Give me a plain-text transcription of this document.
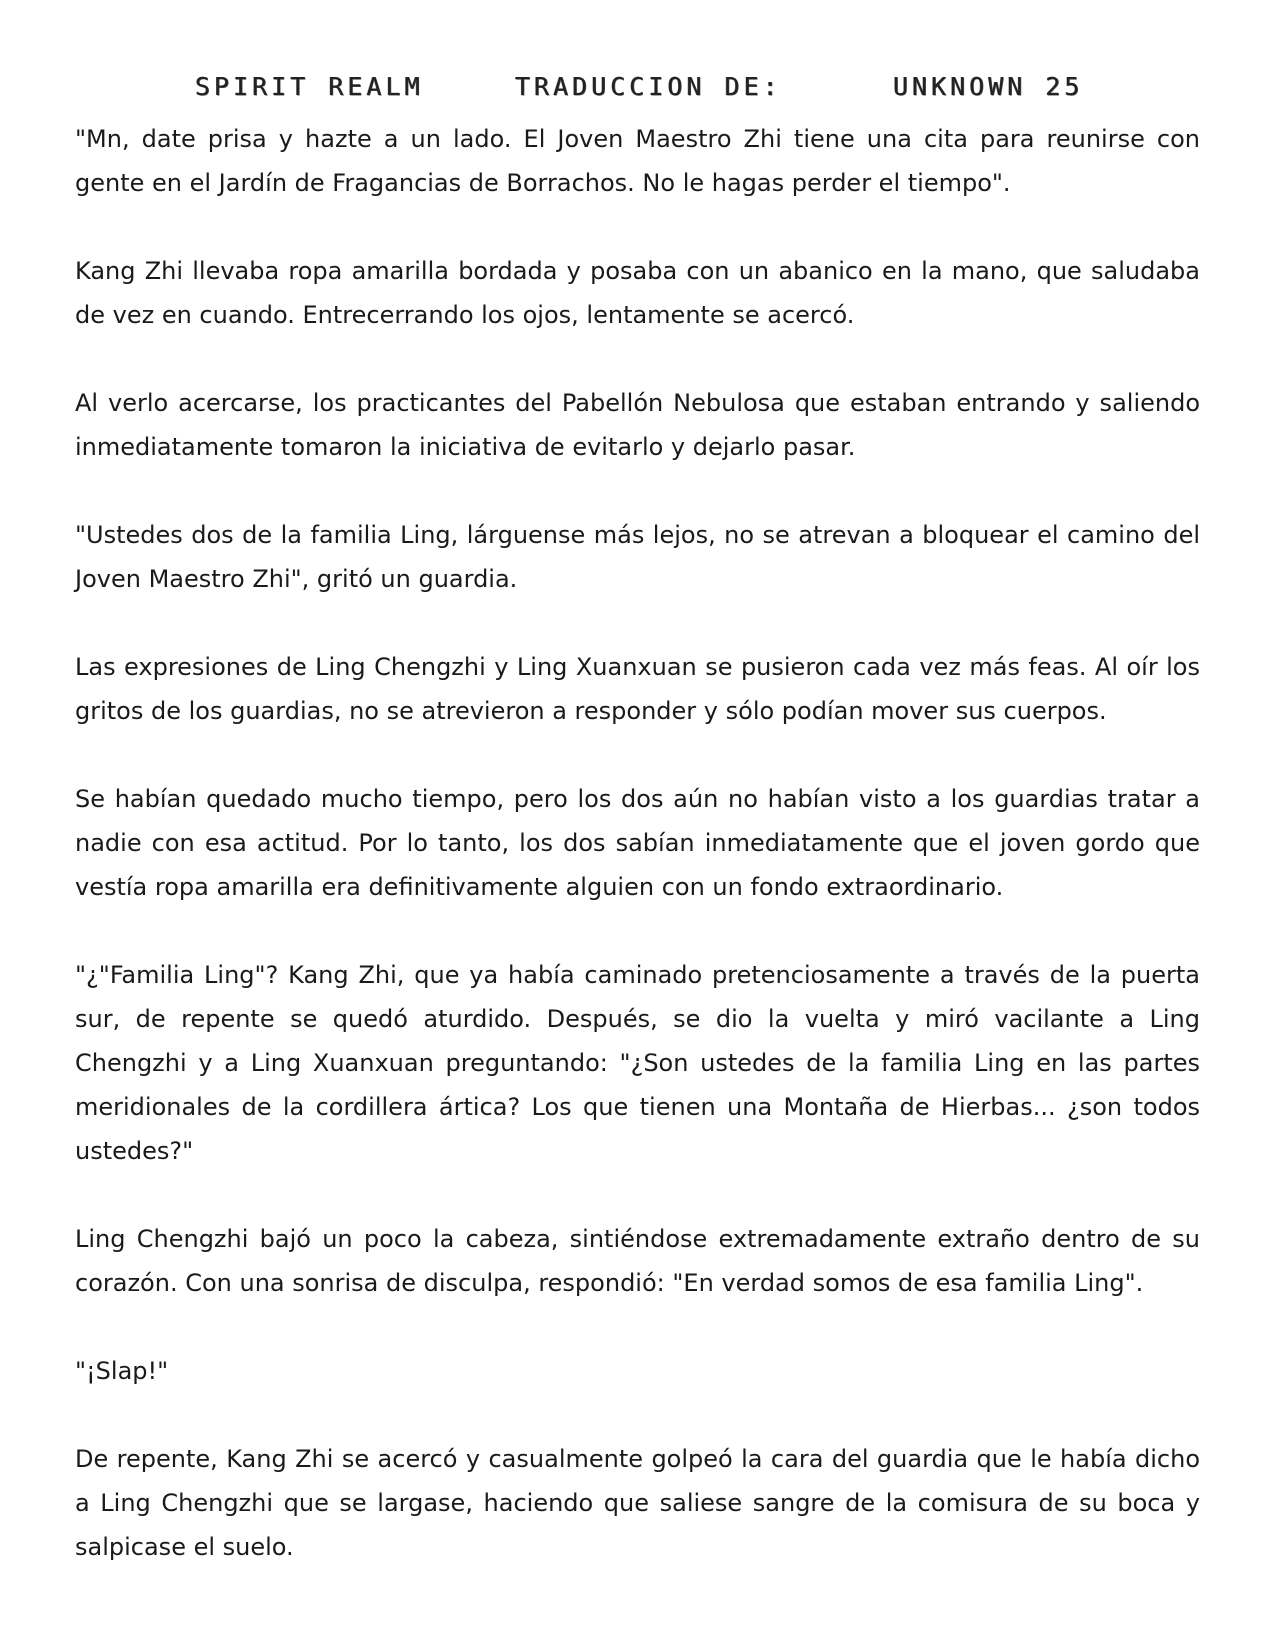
SPIRIT REALM

	TRADUCCION DE:

	UNKNOWN 25

"Mn, date prisa y hazte a un lado. El Joven Maestro Zhi tiene una cita para reunirse con gente en el Jardín de Fragancias de Borrachos. No le hagas perder el tiempo".

Kang Zhi llevaba ropa amarilla bordada y posaba con un abanico en la mano, que saludaba de vez en cuando. Entrecerrando los ojos, lentamente se acercó.

Al verlo acercarse, los practicantes del Pabellón Nebulosa que estaban entrando y saliendo inmediatamente tomaron la iniciativa de evitarlo y dejarlo pasar.

"Ustedes dos de la familia Ling, lárguense más lejos, no se atrevan a bloquear el camino del Joven Maestro Zhi", gritó un guardia.

Las expresiones de Ling Chengzhi y Ling Xuanxuan se pusieron cada vez más feas. Al oír los gritos de los guardias, no se atrevieron a responder y sólo podían mover sus cuerpos.

Se habían quedado mucho tiempo, pero los dos aún no habían visto a los guardias tratar a nadie con esa actitud. Por lo tanto, los dos sabían inmediatamente que el joven gordo que vestía ropa amarilla era definitivamente alguien con un fondo extraordinario.

"¿"Familia Ling"? Kang Zhi, que ya había caminado pretenciosamente a través de la puerta sur, de repente se quedó aturdido. Después, se dio la vuelta y miró vacilante a Ling Chengzhi y a Ling Xuanxuan preguntando: "¿Son ustedes de la familia Ling en las partes meridionales de la cordillera ártica? Los que tienen una Montaña de Hierbas... ¿son todos ustedes?"

Ling Chengzhi bajó un poco la cabeza, sintiéndose extremadamente extraño dentro de su corazón. Con una sonrisa de disculpa, respondió: "En verdad somos de esa familia Ling".

"¡Slap!"

De repente, Kang Zhi se acercó y casualmente golpeó la cara del guardia que le había dicho a Ling Chengzhi que se largase, haciendo que saliese sangre de la comisura de su boca y salpicase el suelo.
